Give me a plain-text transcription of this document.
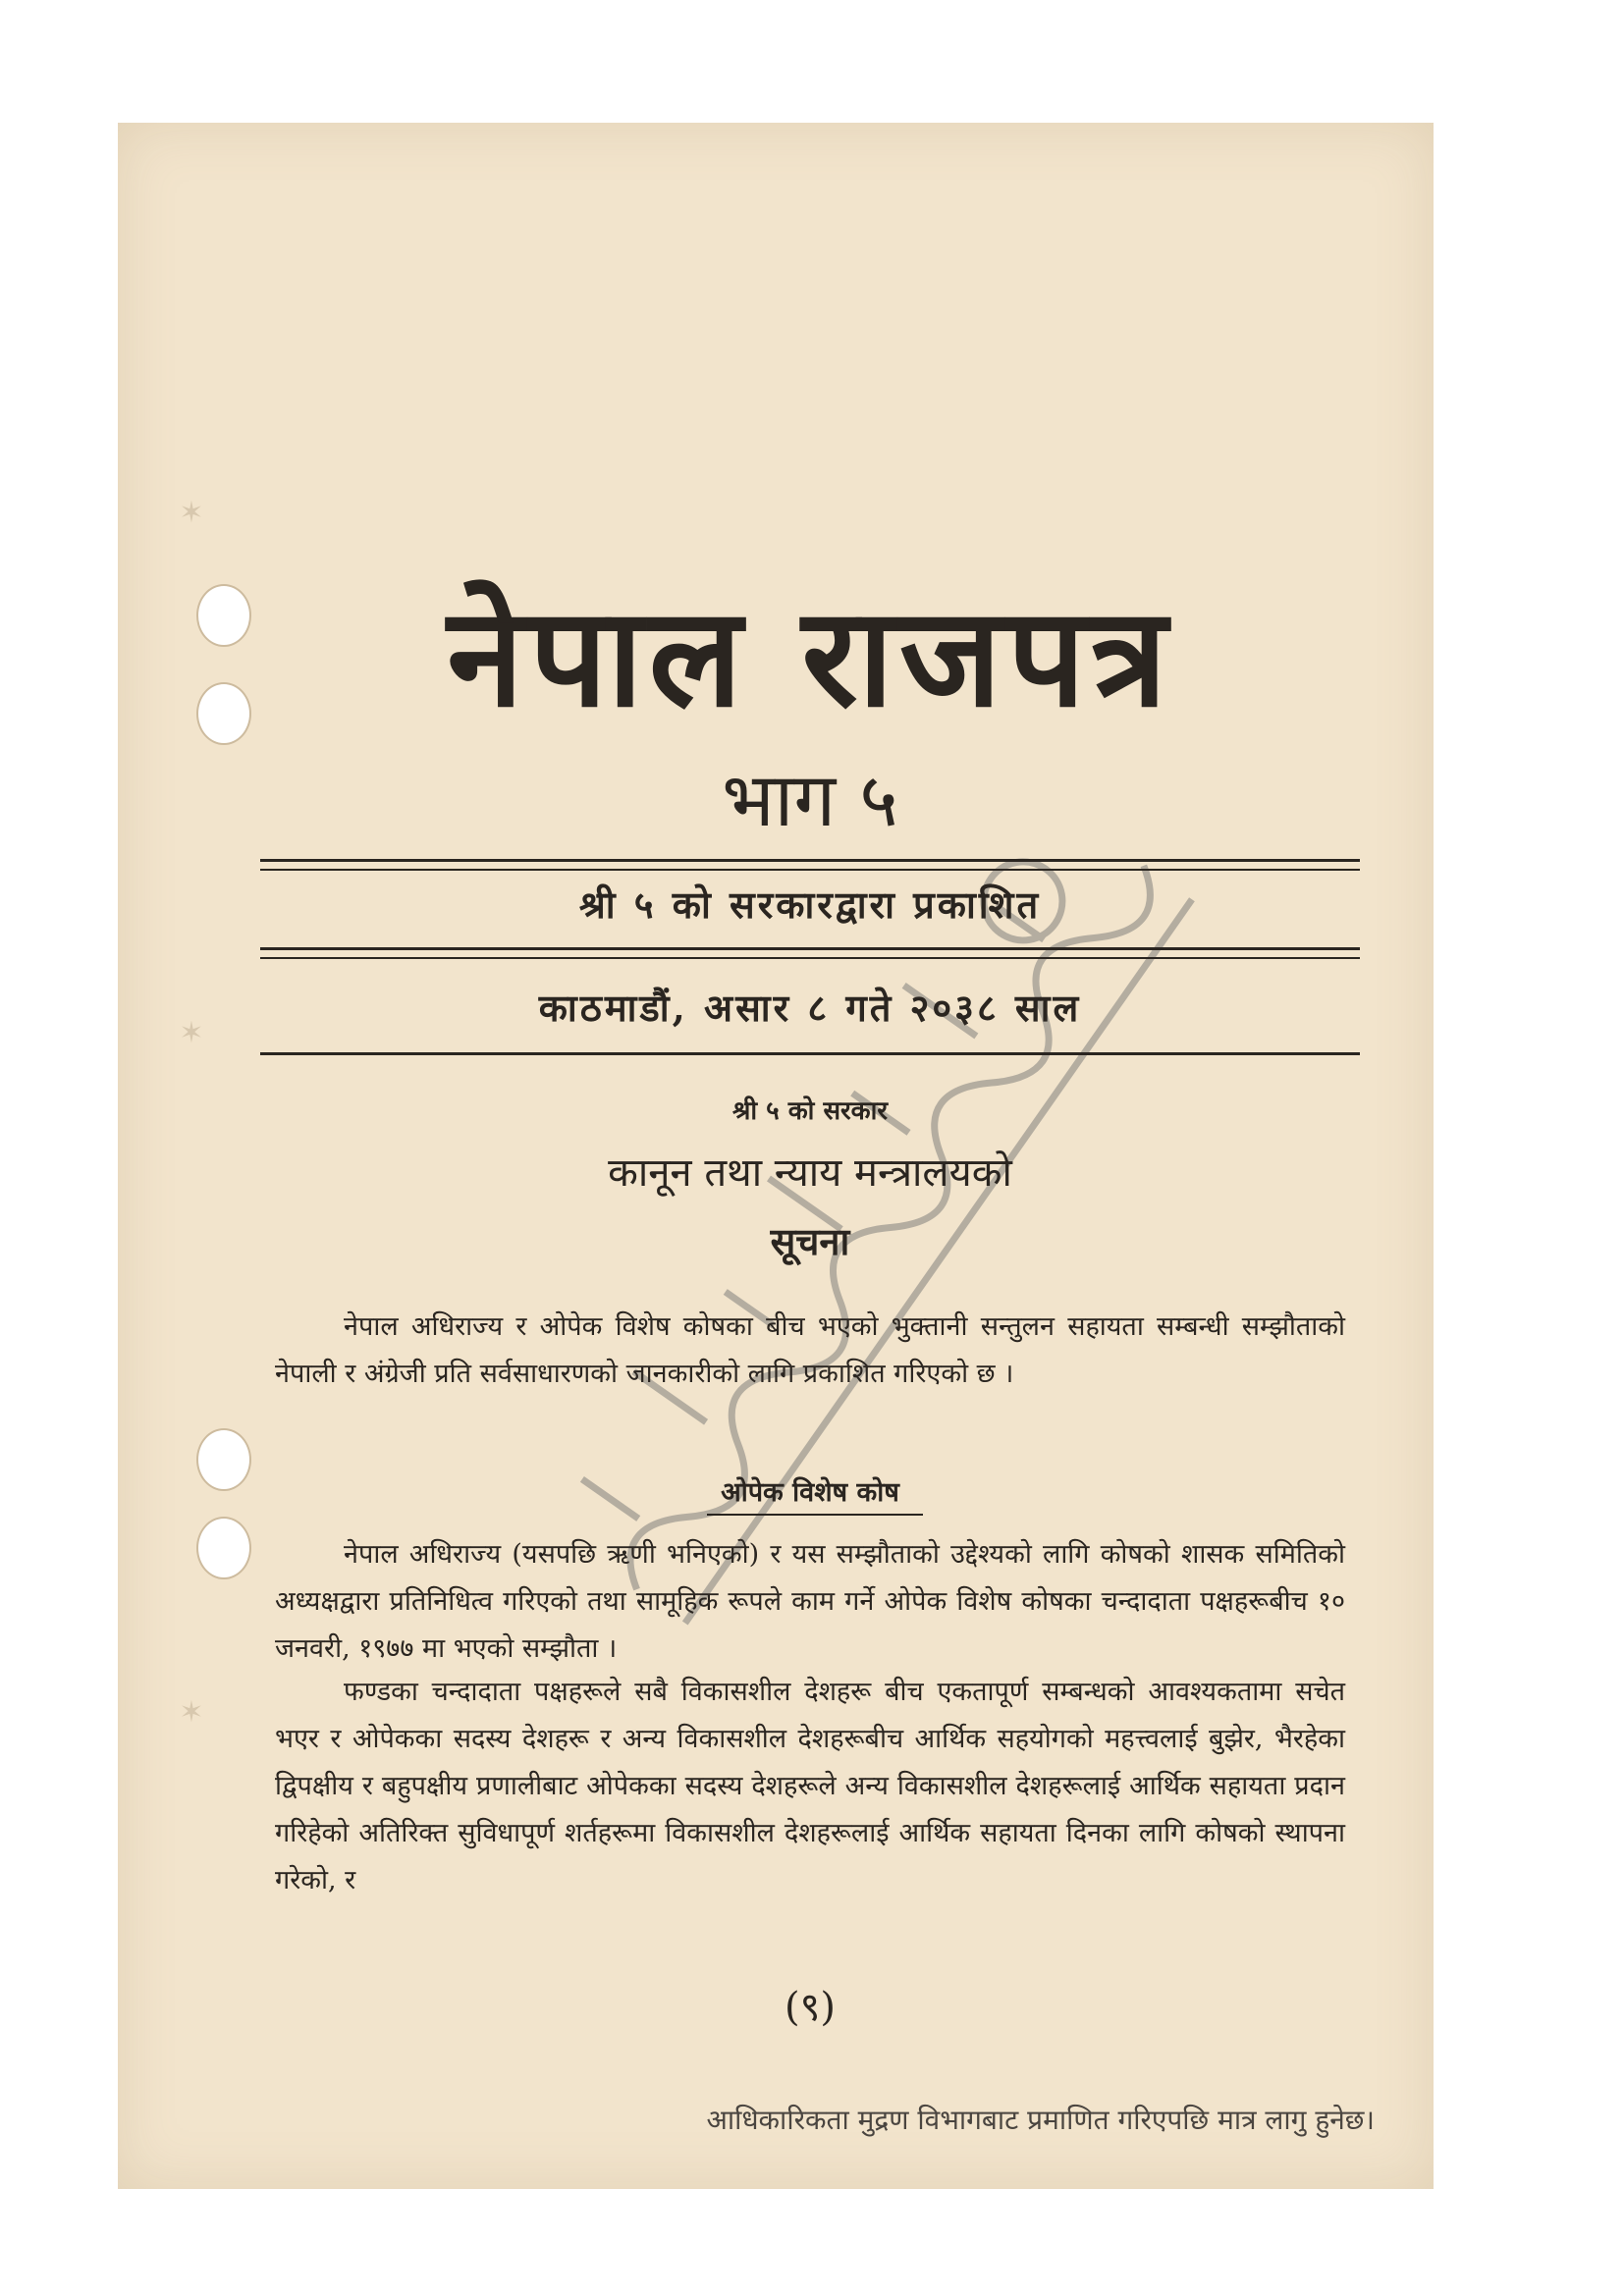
✶
✶
✶
नेपाल राजपत्र
भाग ५
श्री ५ को सरकारद्वारा प्रकाशित
काठमाडौं, असार ८ गते २०३८ साल
श्री ५ को सरकार
कानून तथा न्याय मन्त्रालयको
सूचना
नेपाल अधिराज्य र ओपेक विशेष कोषका बीच भएको भुक्तानी सन्तुलन सहायता सम्बन्धी सम्झौताको नेपाली र अंग्रेजी प्रति सर्वसाधारणको जानकारीको लागि प्रकाशित गरिएको छ ।
ओपेक विशेष कोष
नेपाल अधिराज्य (यसपछि ऋणी भनिएको) र यस सम्झौताको उद्देश्यको लागि कोषको शासक समितिको अध्यक्षद्वारा प्रतिनिधित्व गरिएको तथा सामूहिक रूपले काम गर्ने ओपेक विशेष कोषका चन्दादाता पक्षहरूबीच १० जनवरी, १९७७ मा भएको सम्झौता ।
फण्डका चन्दादाता पक्षहरूले सबै विकासशील देशहरू बीच एकतापूर्ण सम्बन्धको आवश्यकतामा सचेत भएर र ओपेकका सदस्य देशहरू र अन्य विकासशील देशहरूबीच आर्थिक सहयोगको महत्त्वलाई बुझेर, भैरहेका द्विपक्षीय र बहुपक्षीय प्रणालीबाट ओपेकका सदस्य देशहरूले अन्य विकासशील देशहरूलाई आर्थिक सहायता प्रदान गरिहेको अतिरिक्त सुविधापूर्ण शर्तहरूमा विकासशील देशहरूलाई आर्थिक सहायता दिनका लागि कोषको स्थापना गरेको, र
(९)
आधिकारिकता मुद्रण विभागबाट प्रमाणित गरिएपछि मात्र लागु हुनेछ।
